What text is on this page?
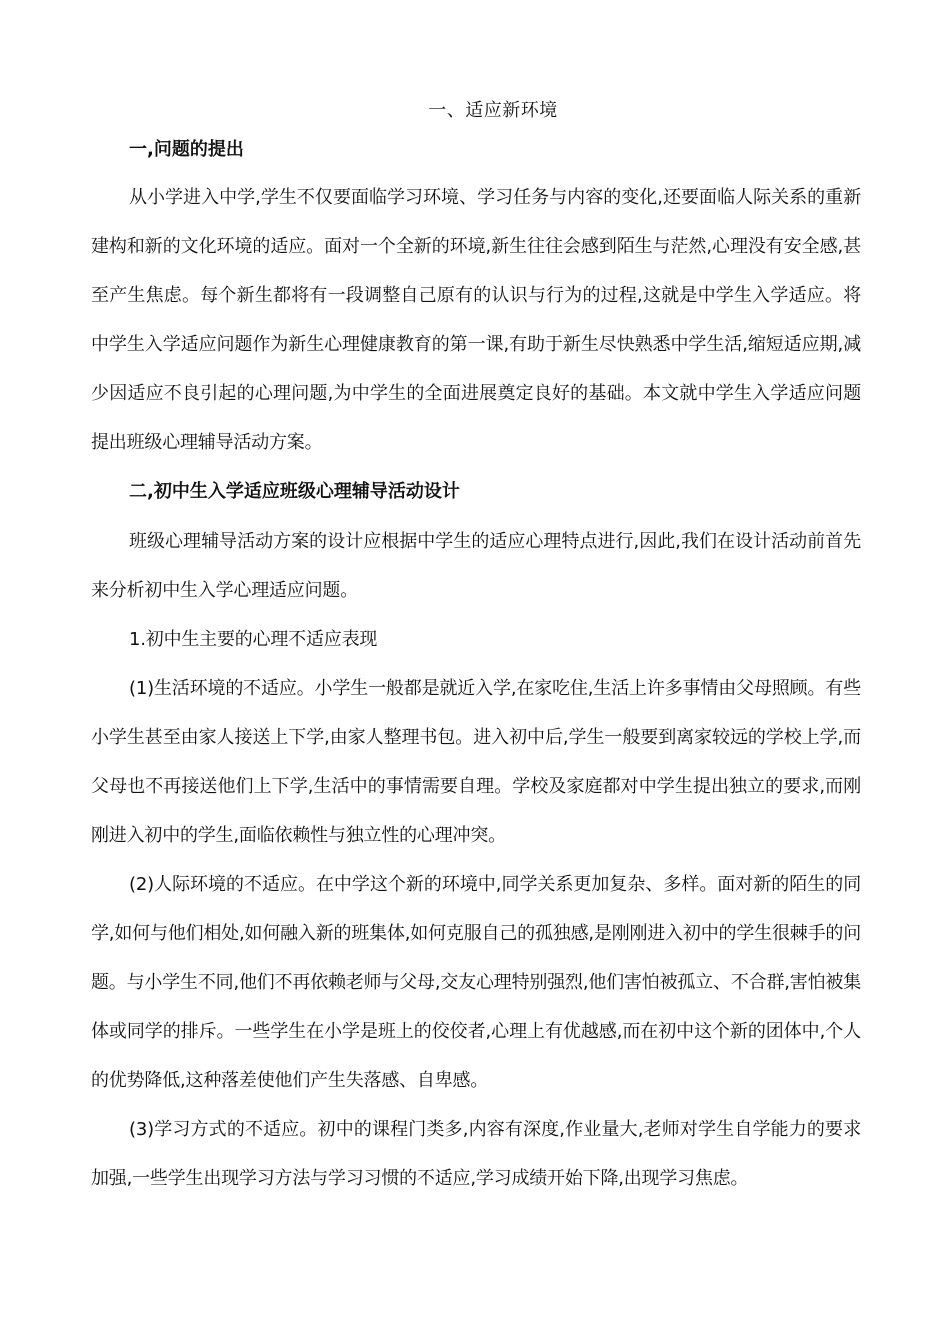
一、适应新环境

一,问题的提出

从小学进入中学,学生不仅要面临学习环境、学习任务与内容的变化,还要面临人际关系的重新建构和新的文化环境的适应。面对一个全新的环境,新生往往会感到陌生与茫然,心理没有安全感,甚至产生焦虑。每个新生都将有一段调整自己原有的认识与行为的过程,这就是中学生入学适应。将中学生入学适应问题作为新生心理健康教育的第一课,有助于新生尽快熟悉中学生活,缩短适应期,减少因适应不良引起的心理问题,为中学生的全面进展奠定良好的基础。本文就中学生入学适应问题提出班级心理辅导活动方案。

二,初中生入学适应班级心理辅导活动设计

班级心理辅导活动方案的设计应根据中学生的适应心理特点进行,因此,我们在设计活动前首先来分析初中生入学心理适应问题。

1.初中生主要的心理不适应表现

(1)生活环境的不适应。小学生一般都是就近入学,在家吃住,生活上许多事情由父母照顾。有些小学生甚至由家人接送上下学,由家人整理书包。进入初中后,学生一般要到离家较远的学校上学,而父母也不再接送他们上下学,生活中的事情需要自理。学校及家庭都对中学生提出独立的要求,而刚刚进入初中的学生,面临依赖性与独立性的心理冲突。

(2)人际环境的不适应。在中学这个新的环境中,同学关系更加复杂、多样。面对新的陌生的同学,如何与他们相处,如何融入新的班集体,如何克服自己的孤独感,是刚刚进入初中的学生很棘手的问题。与小学生不同,他们不再依赖老师与父母,交友心理特别强烈,他们害怕被孤立、不合群,害怕被集体或同学的排斥。一些学生在小学是班上的佼佼者,心理上有优越感,而在初中这个新的团体中,个人的优势降低,这种落差使他们产生失落感、自卑感。

(3)学习方式的不适应。初中的课程门类多,内容有深度,作业量大,老师对学生自学能力的要求加强,一些学生出现学习方法与学习习惯的不适应,学习成绩开始下降,出现学习焦虑。
